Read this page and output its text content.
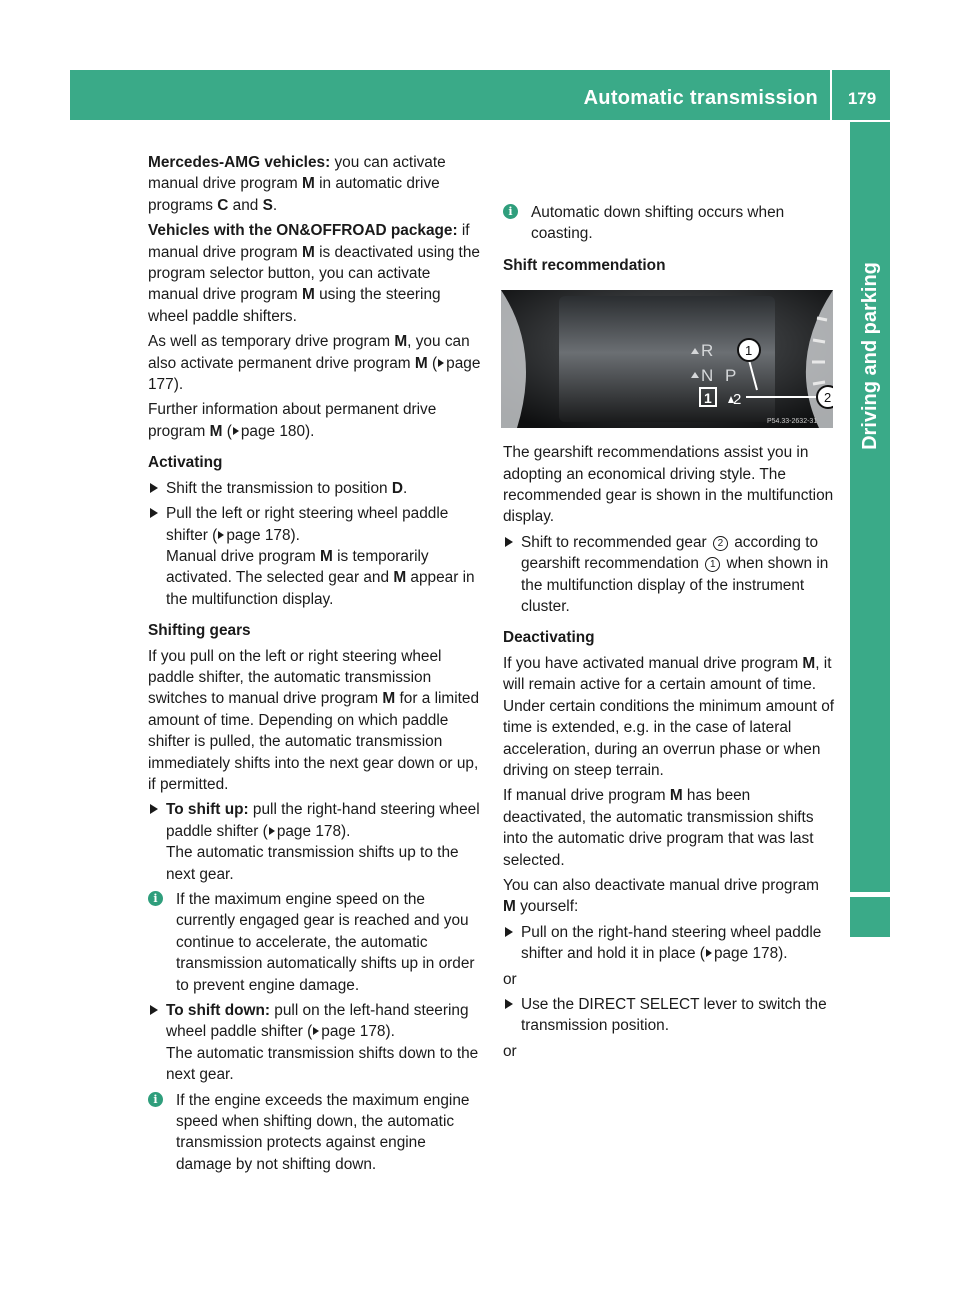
Automatic transmission	179
Driving and parking

Mercedes-AMG vehicles: you can activate manual drive program M in automatic drive programs C and S.

Vehicles with the ON&OFFROAD package: if manual drive program M is deactivated using the program selector button, you can activate manual drive program M using the steering wheel paddle shifters.

As well as temporary drive program M, you can also activate permanent drive program M ( page 177).

Further information about permanent drive program M ( page 180).

Activating

Shift the transmission to position D.
Pull the left or right steering wheel paddle shifter ( page 178).
Manual drive program M is temporarily activated. The selected gear and M appear in the multifunction display.

Shifting gears

If you pull on the left or right steering wheel paddle shifter, the automatic transmission switches to manual drive program M for a limited amount of time. Depending on which paddle shifter is pulled, the automatic transmission immediately shifts into the next gear down or up, if permitted.

To shift up: pull the right-hand steering wheel paddle shifter ( page 178).
The automatic transmission shifts up to the next gear.
i	If the maximum engine speed on the currently engaged gear is reached and you continue to accelerate, the automatic transmission automatically shifts up in order to prevent engine damage.
To shift down: pull on the left-hand steering wheel paddle shifter ( page 178).
The automatic transmission shifts down to the next gear.
i	If the engine exceeds the maximum engine speed when shifting down, the automatic transmission protects against engine damage by not shifting down.
i	Automatic down shifting occurs when coasting.

Shift recommendation

R
N P
1 2
1
2
P54.33-2632-31

The gearshift recommendations assist you in adopting an economical driving style. The recommended gear is shown in the multifunction display.

Shift to recommended gear 2 according to gearshift recommendation 1 when shown in the multifunction display of the instrument cluster.

Deactivating

If you have activated manual drive program M, it will remain active for a certain amount of time. Under certain conditions the minimum amount of time is extended, e.g. in the case of lateral acceleration, during an overrun phase or when driving on steep terrain.

If manual drive program M has been deactivated, the automatic transmission shifts into the automatic drive program that was last selected.

You can also deactivate manual drive program M yourself:

Pull on the right-hand steering wheel paddle shifter and hold it in place ( page 178).

or

Use the DIRECT SELECT lever to switch the transmission position.

or
